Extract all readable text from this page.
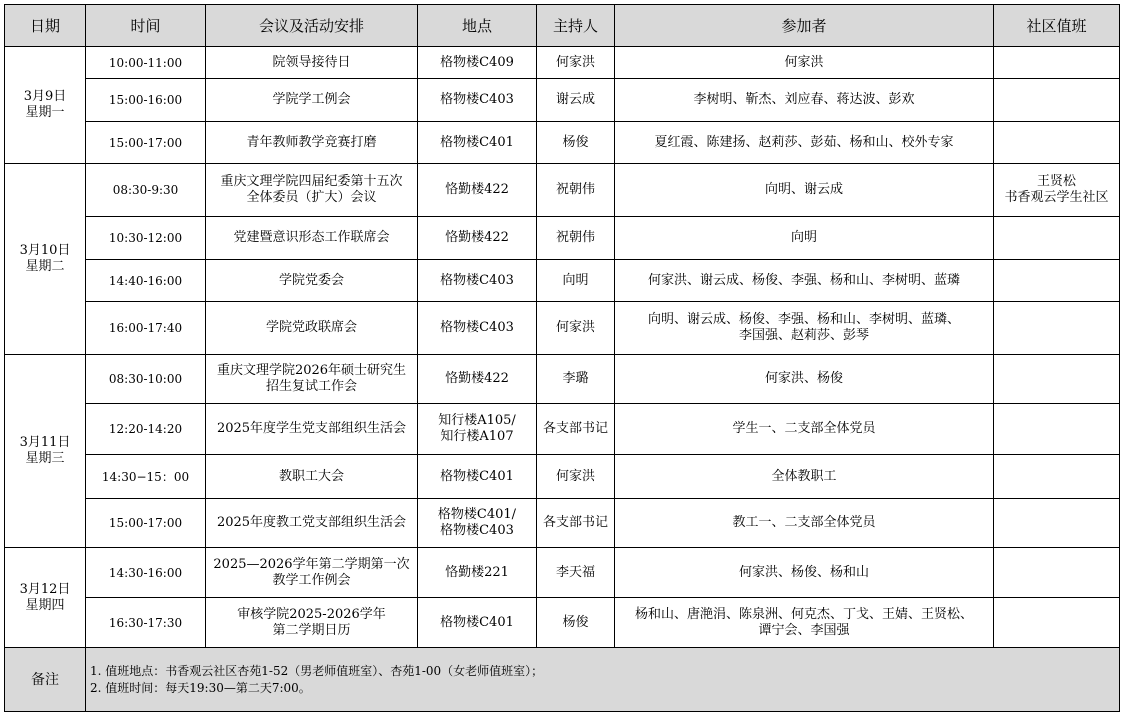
日期	时间	会议及活动安排	地点	主持人	参加者	社区值班

3月9日
星期一	10:00-11:00	院领导接待日	格物楼C409	何家洪	何家洪	

	15:00-16:00	学院学工例会	格物楼C403	谢云成	李树明、靳杰、刘应春、蒋达波、彭欢	

	15:00-17:00	青年教师教学竞赛打磨	格物楼C401	杨俊	夏红霞、陈建扬、赵莉莎、彭茹、杨和山、校外专家	

3月10日
星期二	08:30-9:30	重庆文理学院四届纪委第十五次
全体委员（扩大）会议	恪勤楼422	祝朝伟	向明、谢云成	王贤松
书香观云学生社区

	10:30-12:00	党建暨意识形态工作联席会	恪勤楼422	祝朝伟	向明	

	14:40-16:00	学院党委会	格物楼C403	向明	何家洪、谢云成、杨俊、李强、杨和山、李树明、蓝璘	

	16:00-17:40	学院党政联席会	格物楼C403	何家洪	向明、谢云成、杨俊、李强、杨和山、李树明、蓝璘、
李国强、赵莉莎、彭琴	

3月11日
星期三	08:30-10:00	重庆文理学院2026年硕士研究生
招生复试工作会	恪勤楼422	李璐	何家洪、杨俊	

	12:20-14:20	2025年度学生党支部组织生活会	知行楼A105/
知行楼A107	各支部书记	学生一、二支部全体党员	

	14:30−15：00	教职工大会	格物楼C401	何家洪	全体教职工	

	15:00-17:00	2025年度教工党支部组织生活会	格物楼C401/
格物楼C403	各支部书记	教工一、二支部全体党员	

3月12日
星期四	14:30-16:00	2025—2026学年第二学期第一次
教学工作例会	恪勤楼221	李天福	何家洪、杨俊、杨和山	

	16:30-17:30	审核学院2025-2026学年
第二学期日历	格物楼C401	杨俊	杨和山、唐滟涓、陈泉洲、何克杰、丁戈、王婧、王贤松、
谭宁会、李国强	

备注	1. 值班地点：书香观云社区杏苑1-52（男老师值班室）、杏苑1-00（女老师值班室）；
2. 值班时间：每天19:30—第二天7:00。					
